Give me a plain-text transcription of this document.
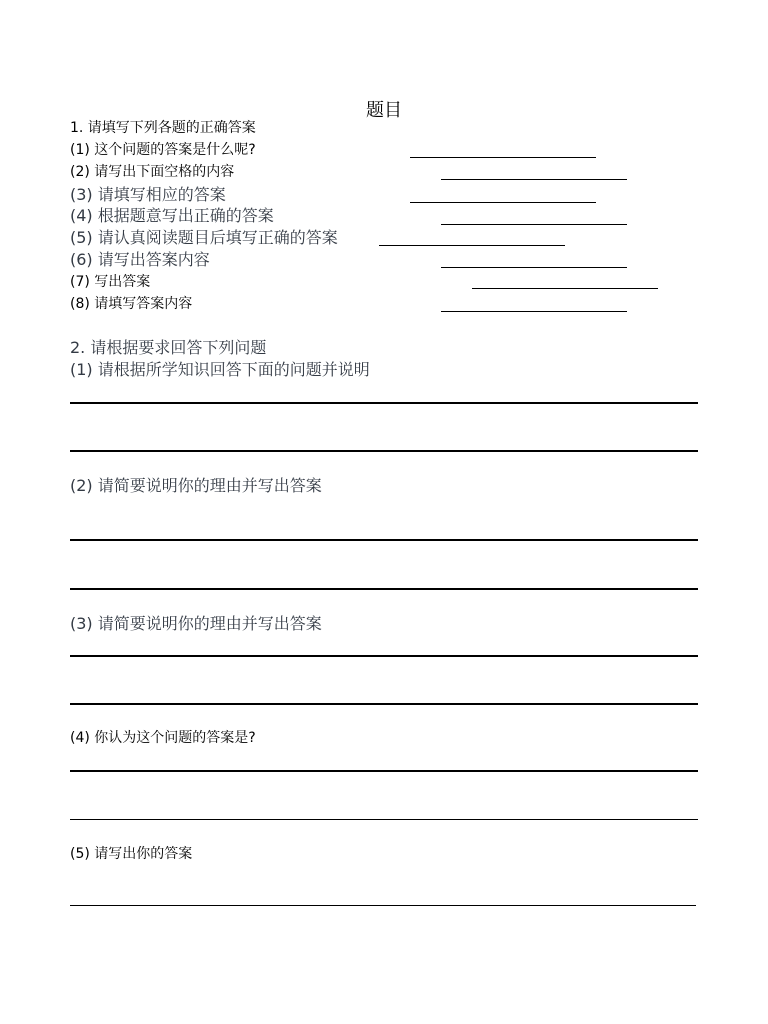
题目
1. 请填写下列各题的正确答案
(1) 这个问题的答案是什么呢?
(2) 请写出下面空格的内容
(3) 请填写相应的答案
(4) 根据题意写出正确的答案
(5) 请认真阅读题目后填写正确的答案
(6) 请写出答案内容
(7) 写出答案
(8) 请填写答案内容
2. 请根据要求回答下列问题
(1) 请根据所学知识回答下面的问题并说明
(2) 请简要说明你的理由并写出答案
(3) 请简要说明你的理由并写出答案
(4) 你认为这个问题的答案是?
(5) 请写出你的答案
